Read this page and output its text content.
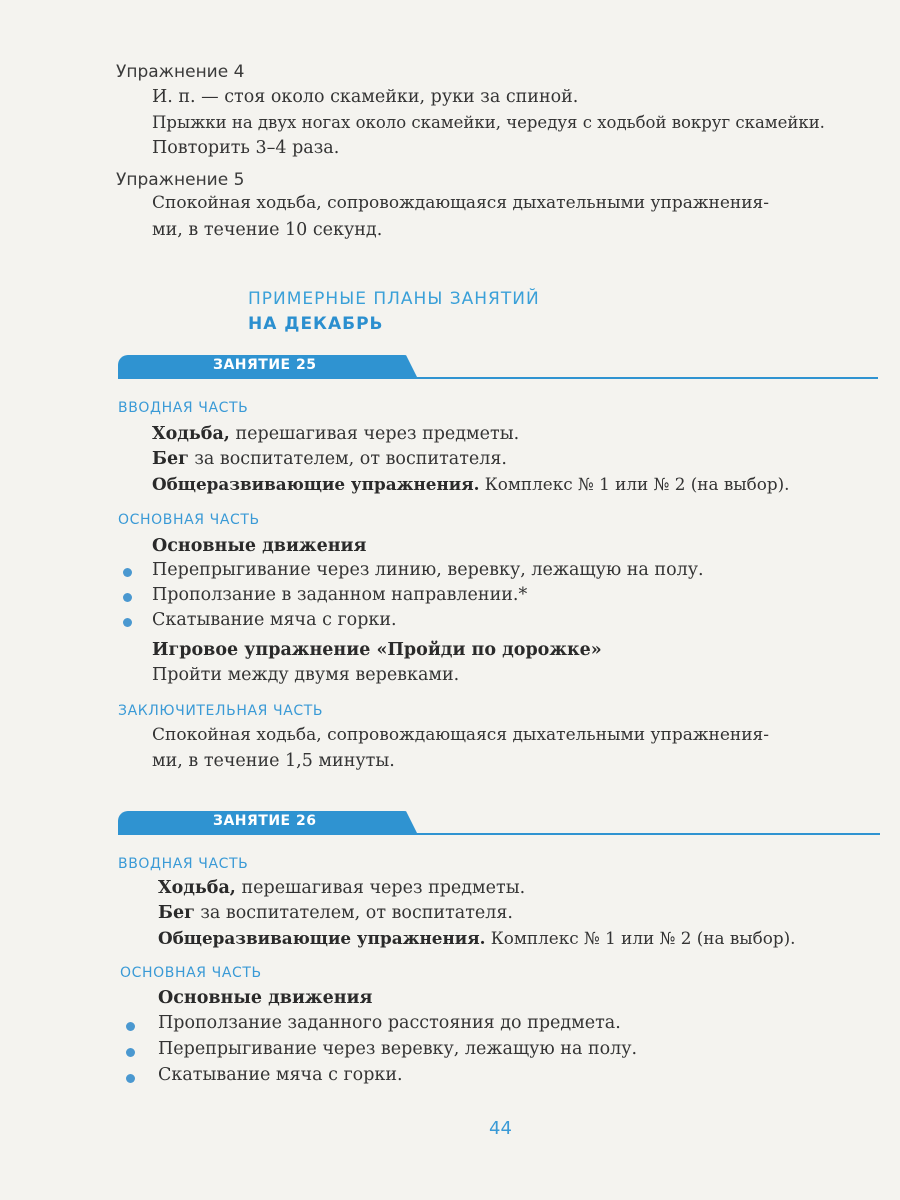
Упражнение 4
И. п. — стоя около скамейки, руки за спиной.
Прыжки на двух ногах около скамейки, чередуя с ходьбой вокруг скамейки.
Повторить 3–4 раза.
Упражнение 5
Спокойная ходьба, сопровождающаяся дыхательными упражнения-
ми, в течение 10 секунд.
ПРИМЕРНЫЕ ПЛАНЫ ЗАНЯТИЙ
НА ДЕКАБРЬ
ЗАНЯТИЕ 25
ВВОДНАЯ ЧАСТЬ
Ходьба, перешагивая через предметы.
Бег за воспитателем, от воспитателя.
Общеразвивающие упражнения. Комплекс № 1 или № 2 (на выбор).
ОСНОВНАЯ ЧАСТЬ
Основные движения
Перепрыгивание через линию, веревку, лежащую на полу.
Проползание в заданном направлении.*
Скатывание мяча с горки.
Игровое упражнение «Пройди по дорожке»
Пройти между двумя веревками.
ЗАКЛЮЧИТЕЛЬНАЯ ЧАСТЬ
Спокойная ходьба, сопровождающаяся дыхательными упражнения-
ми, в течение 1,5 минуты.
ЗАНЯТИЕ 26
ВВОДНАЯ ЧАСТЬ
Ходьба, перешагивая через предметы.
Бег за воспитателем, от воспитателя.
Общеразвивающие упражнения. Комплекс № 1 или № 2 (на выбор).
ОСНОВНАЯ ЧАСТЬ
Основные движения
Проползание заданного расстояния до предмета.
Перепрыгивание через веревку, лежащую на полу.
Скатывание мяча с горки.
44
